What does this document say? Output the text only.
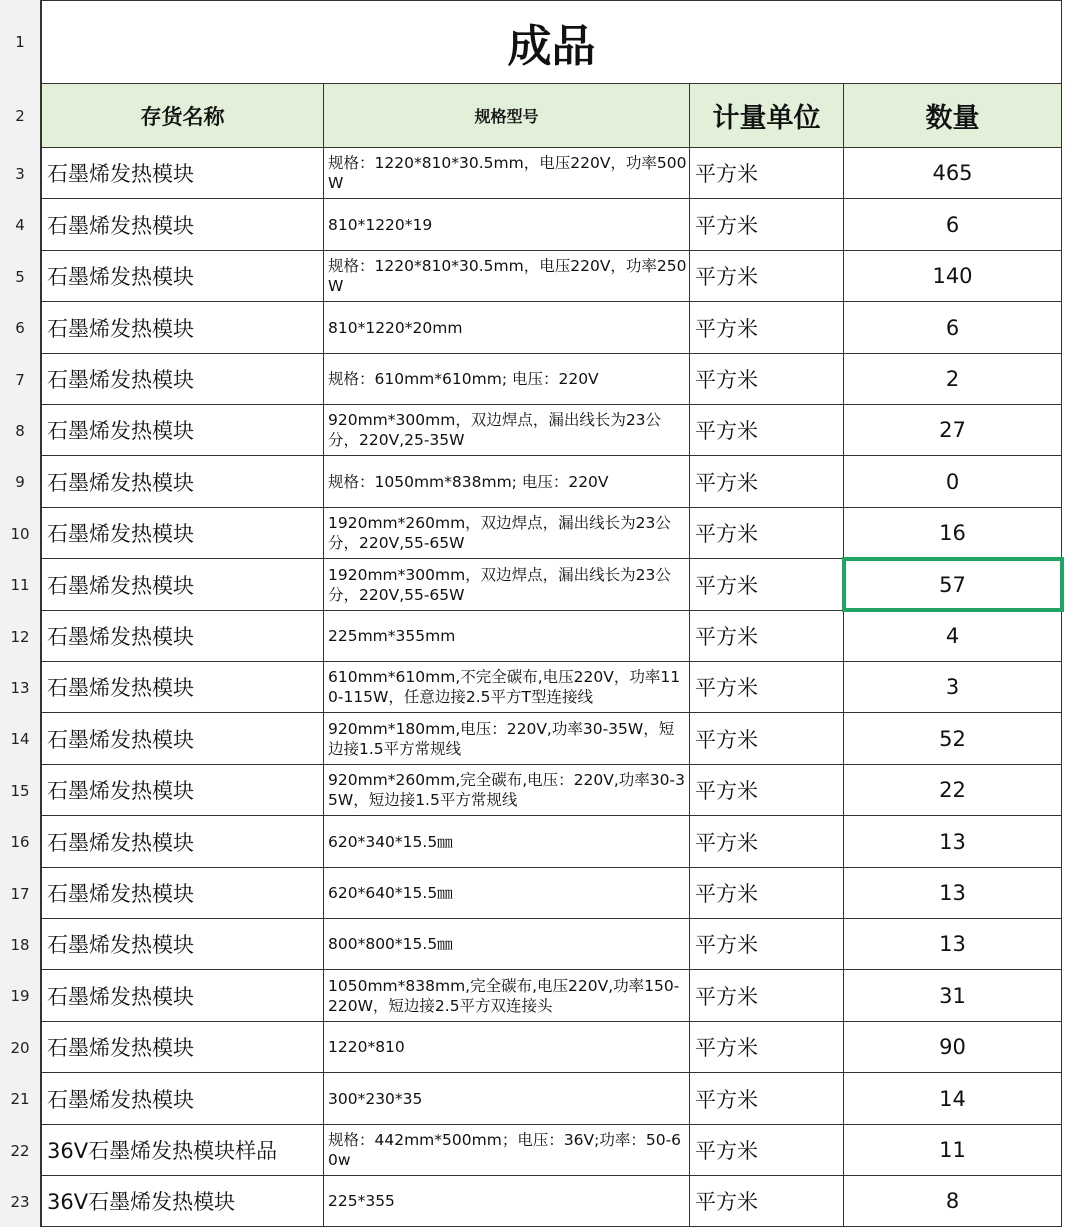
1	成品
2	存货名称	规格型号	计量单位	数量
3	石墨烯发热模块	规格：1220*810*30.5mm，电压220V，功率500W	平方米	465
4	石墨烯发热模块	810*1220*19	平方米	6
5	石墨烯发热模块	规格：1220*810*30.5mm，电压220V，功率250W	平方米	140
6	石墨烯发热模块	810*1220*20mm	平方米	6
7	石墨烯发热模块	规格：610mm*610mm; 电压：220V	平方米	2
8	石墨烯发热模块	920mm*300mm，双边焊点，漏出线长为23公分，220V,25-35W	平方米	27
9	石墨烯发热模块	规格：1050mm*838mm; 电压：220V	平方米	0
10 石墨烯发热模块	1920mm*260mm，双边焊点，漏出线长为23公分，220V,55-65W	平方米	16
11 石墨烯发热模块	1920mm*300mm，双边焊点，漏出线长为23公分，220V,55-65W	平方米	57
12 石墨烯发热模块	225mm*355mm	平方米	4
13 石墨烯发热模块	610mm*610mm,不完全碳布,电压220V，功率110-115W，任意边接2.5平方T型连接线	平方米	3
14 石墨烯发热模块	920mm*180mm,电压：220V,功率30-35W，短边接1.5平方常规线	平方米	52
15 石墨烯发热模块	920mm*260mm,完全碳布,电压：220V,功率30-35W，短边接1.5平方常规线	平方米	22
16 石墨烯发热模块	620*340*15.5㎜	平方米	13
17 石墨烯发热模块	620*640*15.5㎜	平方米	13
18 石墨烯发热模块	800*800*15.5㎜	平方米	13
19 石墨烯发热模块	1050mm*838mm,完全碳布,电压220V,功率150-220W，短边接2.5平方双连接头	平方米	31
20 石墨烯发热模块	1220*810	平方米	90
21 石墨烯发热模块	300*230*35	平方米	14
22 36V石墨烯发热模块样品	规格：442mm*500mm；电压：36V;功率：50-60w	平方米	11
23 36V石墨烯发热模块	225*355	平方米	8
